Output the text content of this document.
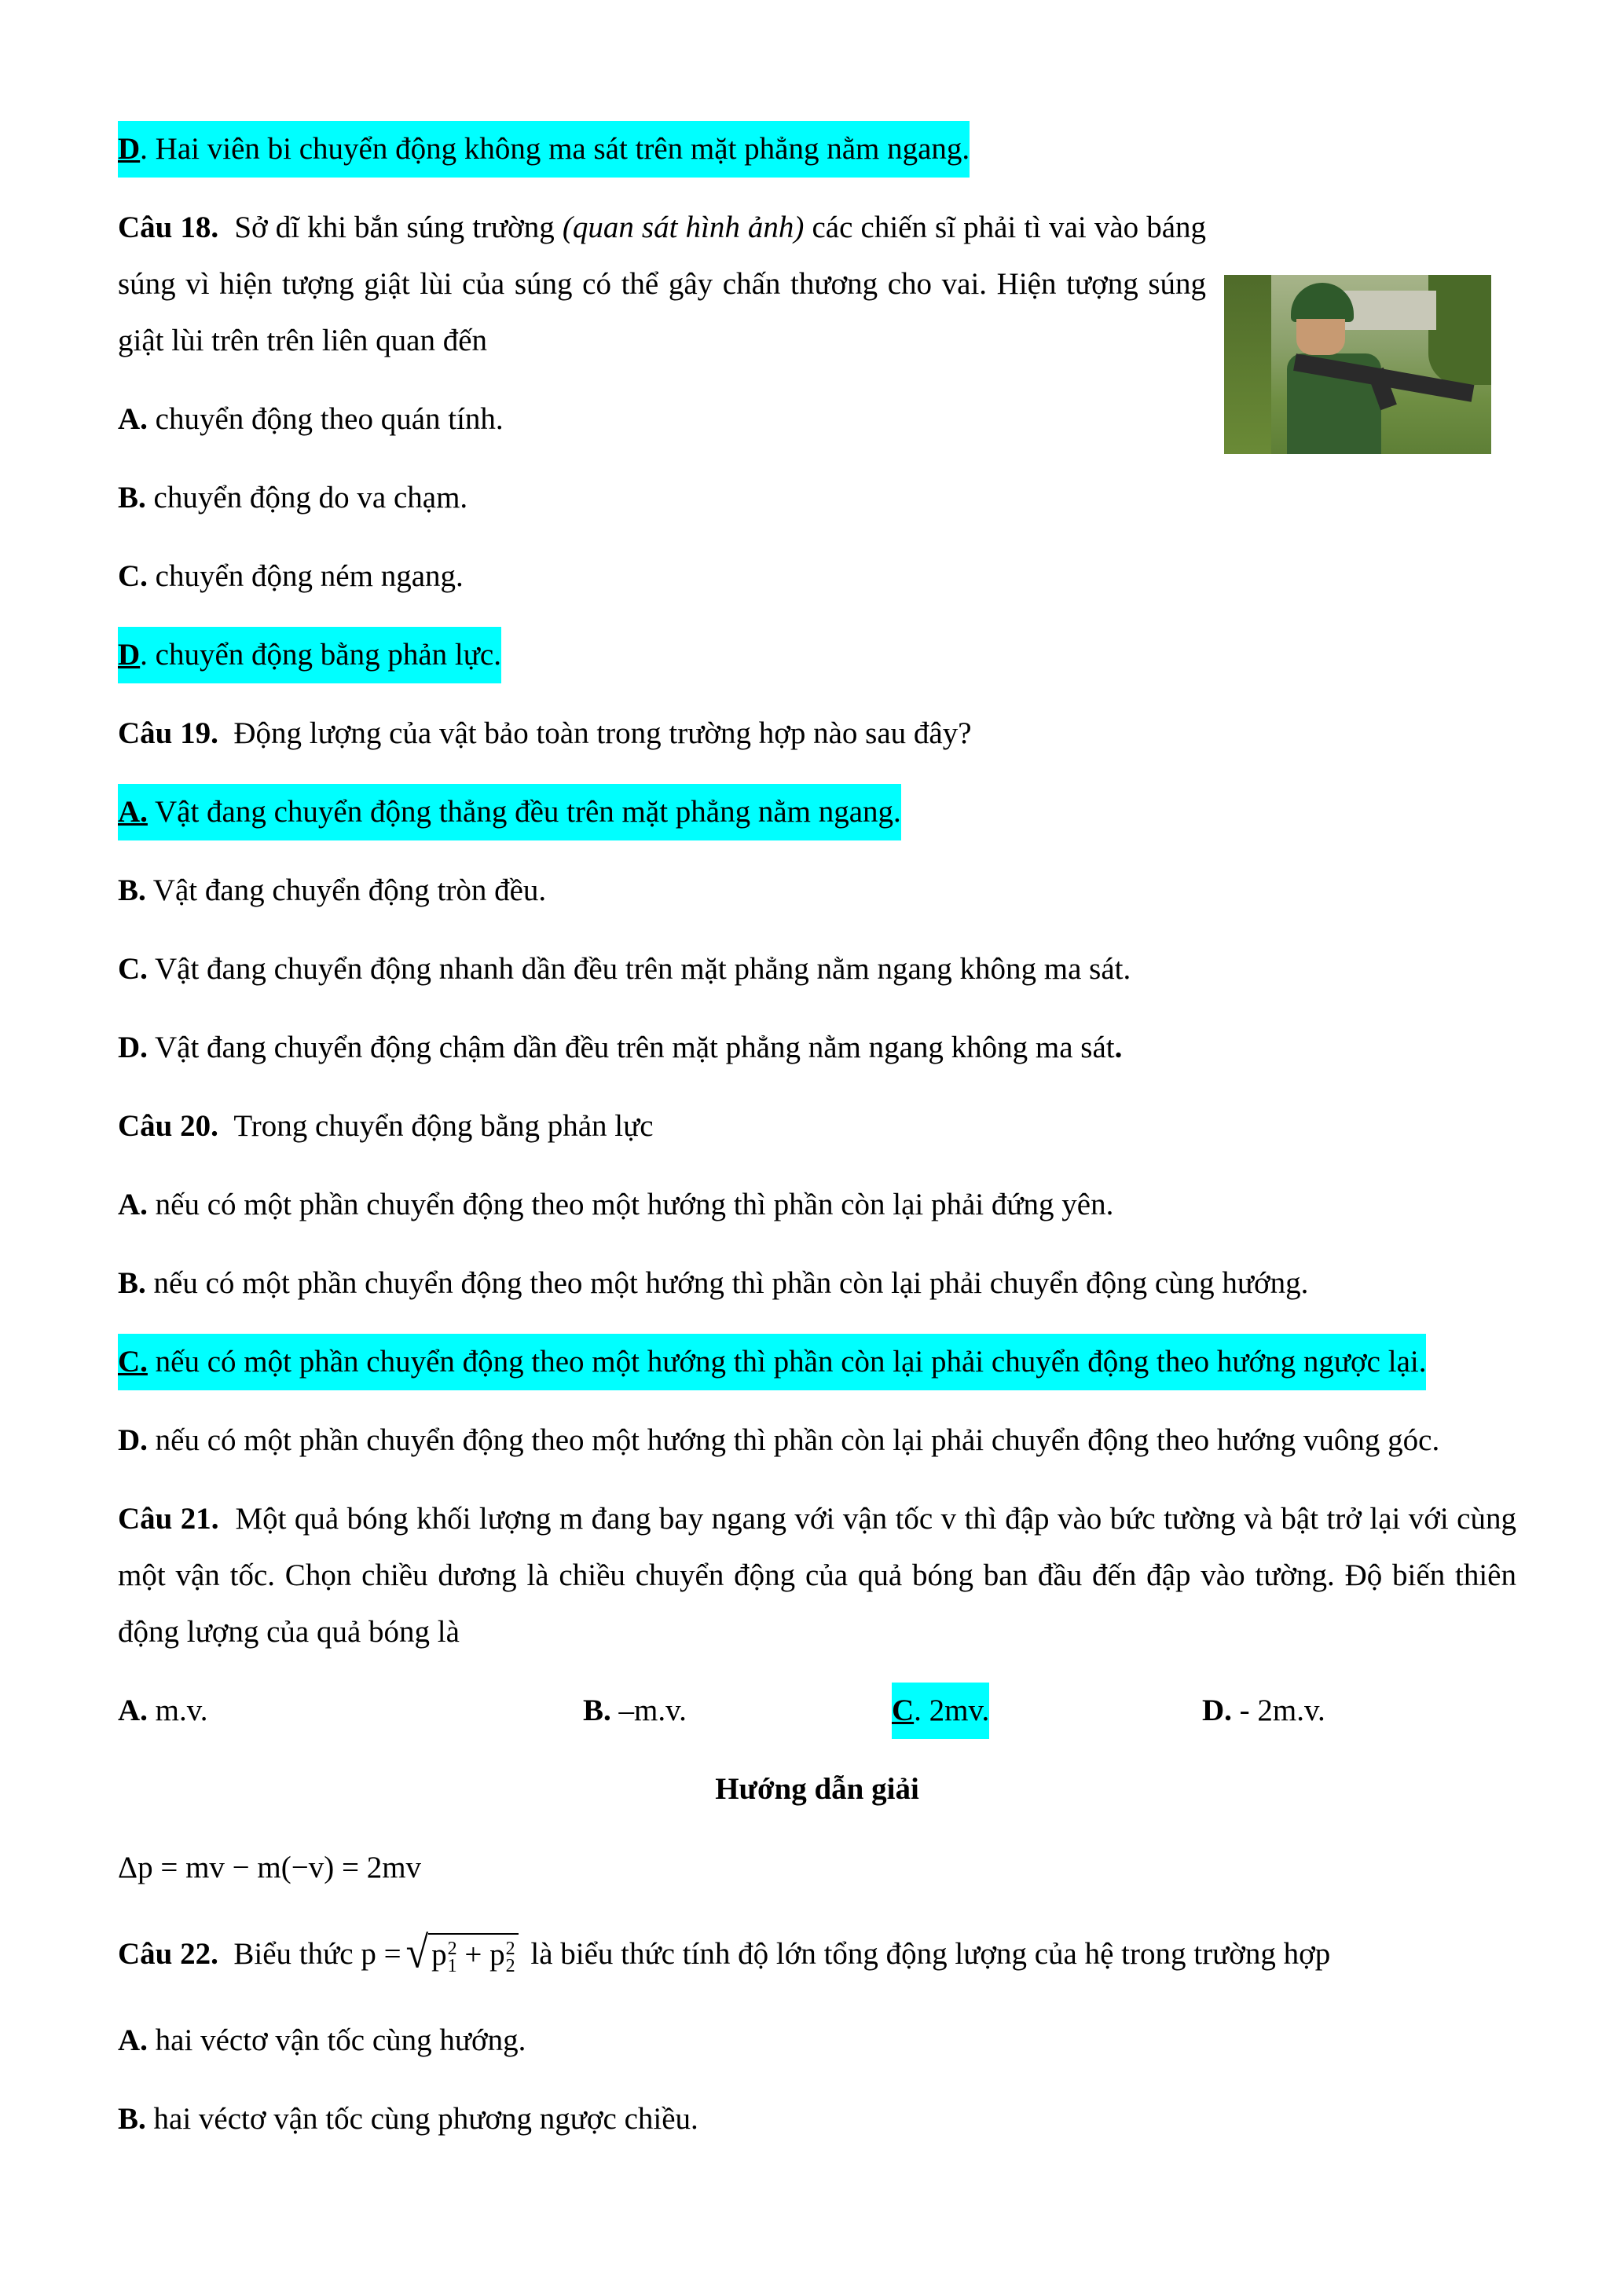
D. Hai viên bi chuyển động không ma sát trên mặt phẳng nằm ngang.

Câu 18. Sở dĩ khi bắn súng trường (quan sát hình ảnh) các chiến sĩ phải tì vai vào báng súng vì hiện tượng giật lùi của súng có thể gây chấn thương cho vai. Hiện tượng súng giật lùi trên trên liên quan đến

A. chuyển động theo quán tính.
B. chuyển động do va chạm.
C. chuyển động ném ngang.
D. chuyển động bằng phản lực.
Câu 19.
Động lượng của vật bảo toàn trong trường hợp nào sau đây?
A. Vật đang chuyển động thẳng đều trên mặt phẳng nằm ngang.
B. Vật đang chuyển động tròn đều.
C. Vật đang chuyển động nhanh dần đều trên mặt phẳng nằm ngang không ma sát.
D. Vật đang chuyển động chậm dần đều trên mặt phẳng nằm ngang không ma sát .
Câu 20.
Trong chuyển động bằng phản lực
A. nếu có một phần chuyển động theo một hướng thì phần còn lại phải đứng yên.
B. nếu có một phần chuyển động theo một hướng thì phần còn lại phải chuyển động cùng hướng.
C. nếu có một phần chuyển động theo một hướng thì phần còn lại phải chuyển động theo hướng ngược lại.
D. nếu có một phần chuyển động theo một hướng thì phần còn lại phải chuyển động theo hướng vuông góc.

Câu 21. Một quả bóng khối lượng m đang bay ngang với vận tốc v thì đập vào bức tường và bật trở lại với cùng một vận tốc. Chọn chiều dương là chiều chuyển động của quả bóng ban đầu đến đập vào tường. Độ biến thiên động lượng của quả bóng là

A. m.v.	B. –m.v.	C. 2mv.	D. - 2m.v.
Hướng dẫn giải
Δp = mv − m(−v) = 2mv
Câu 22.
Biểu thức
p = √ p 2
1 + p 2
2
là biểu thức tính độ lớn tổng động lượng của hệ trong trường hợp
A. hai véctơ vận tốc cùng hướng.
B. hai véctơ vận tốc cùng phương ngược chiều.
